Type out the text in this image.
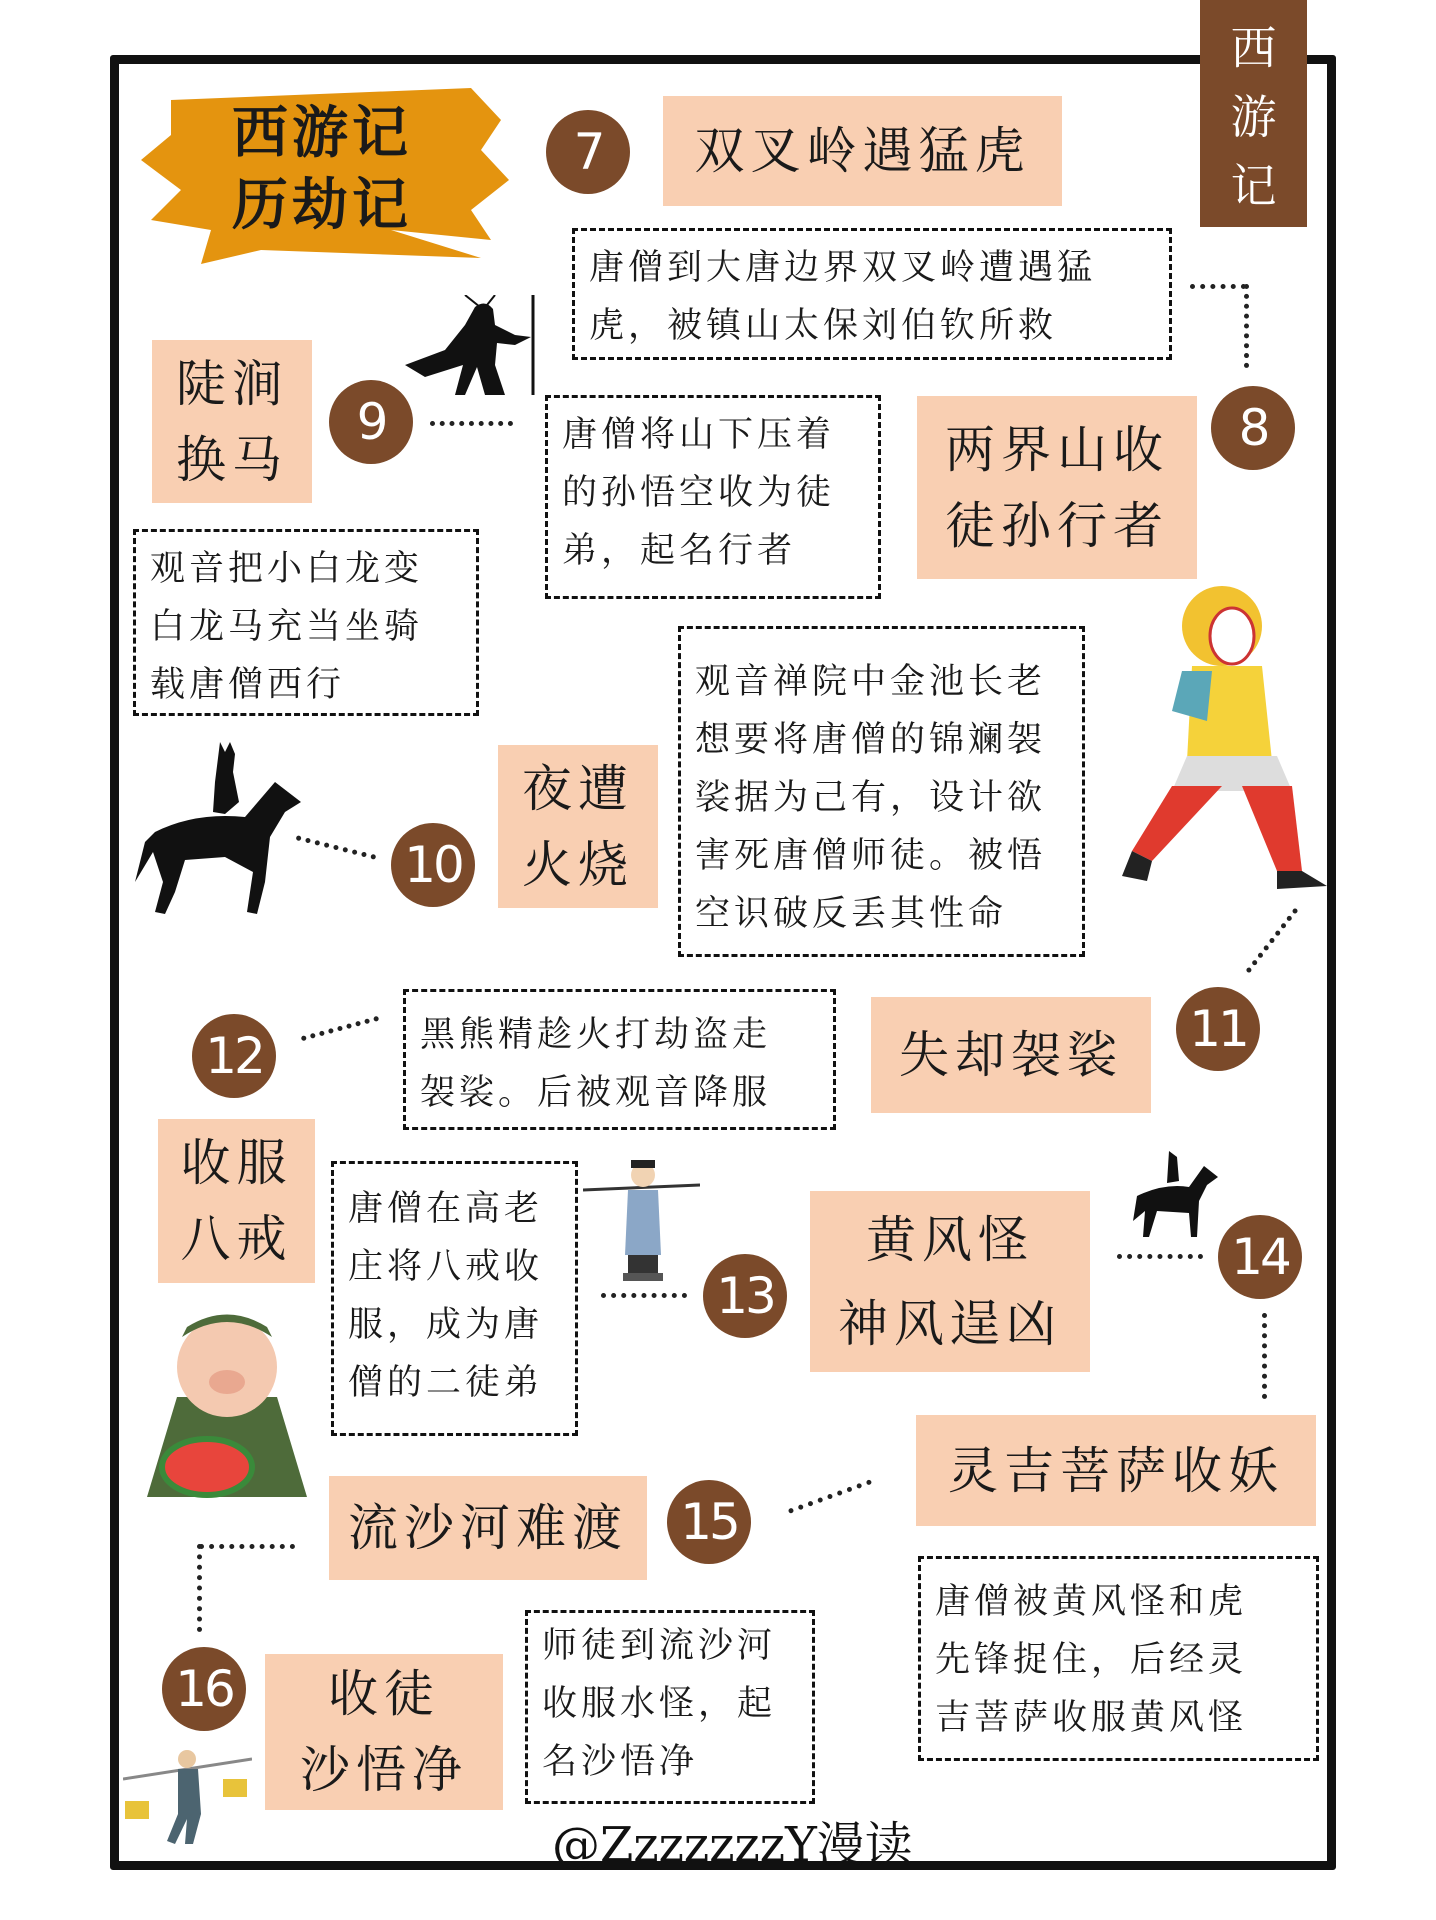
西
游
记
西游记
历劫记
7	双叉岭遇猛虎
唐僧到大唐边界双叉岭遭遇猛
虎，被镇山太保刘伯钦所救
8
两界山收
徒孙行者
唐僧将山下压着
的孙悟空收为徒
弟，起名行者
陡涧
换马
9
观音把小白龙变
白龙马充当坐骑
载唐僧西行
10
夜遭
火烧
观音禅院中金池长老
想要将唐僧的锦斓袈
裟据为己有，设计欲
害死唐僧师徒。被悟
空识破反丢其性命
11
失却袈裟
黑熊精趁火打劫盗走
袈裟。后被观音降服
12
收服
八戒
唐僧在高老
庄将八戒收
服，成为唐
僧的二徒弟
13
黄风怪
神风逞凶
14
灵吉菩萨收妖
唐僧被黄风怪和虎
先锋捉住，后经灵
吉菩萨收服黄风怪
流沙河难渡	15
师徒到流沙河
收服水怪，起
名沙悟净
16 收徒
沙悟净
@ZzzzzzzY漫读
